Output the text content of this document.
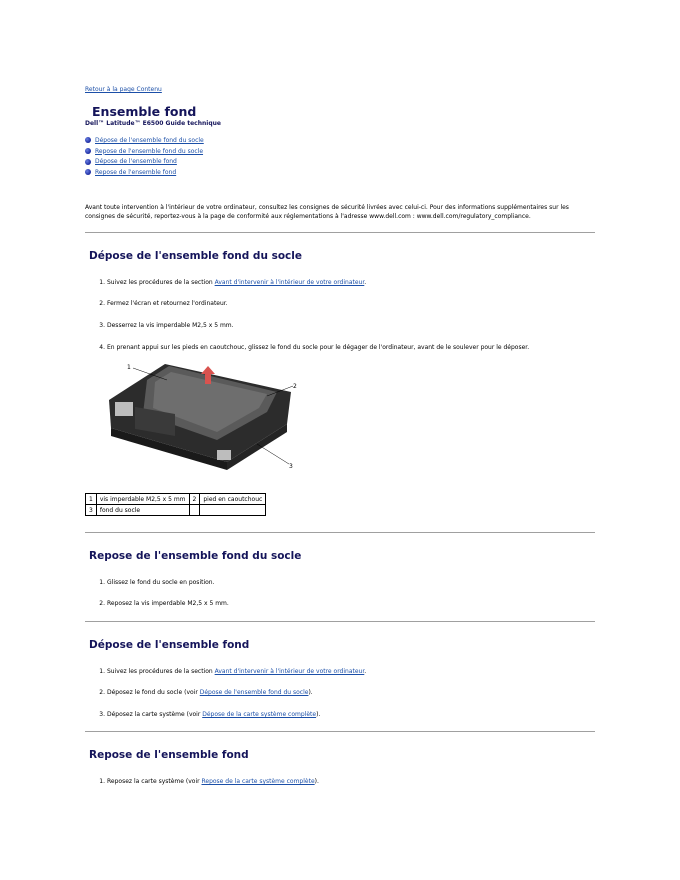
Retour à la page Contenu
Ensemble fond
Dell™ Latitude™ E6500 Guide technique
Dépose de l'ensemble fond du socle
Repose de l'ensemble fond du socle
Dépose de l'ensemble fond
Repose de l'ensemble fond

Avant toute intervention à l'intérieur de votre ordinateur, consultez les consignes de sécurité livrées avec celui-ci. Pour des informations supplémentaires sur les consignes de sécurité, reportez-vous à la page de conformité aux réglementations à l'adresse www.dell.com : www.dell.com/regulatory_compliance.

Dépose de l'ensemble fond du socle
1. Suivez les procédures de la section Avant d'intervenir à l'intérieur de votre ordinateur.
2. Fermez l'écran et retournez l'ordinateur.
3. Desserrez la vis imperdable M2,5 x 5 mm.
4. En prenant appui sur les pieds en caoutchouc, glissez le fond du socle pour le dégager de l'ordinateur, avant de le soulever pour le déposer.
1
2
3
1	vis imperdable M2,5 x 5 mm	2	pied en caoutchouc
3	fond du socle		
Repose de l'ensemble fond du socle
1. Glissez le fond du socle en position.
2. Reposez la vis imperdable M2,5 x 5 mm.
Dépose de l'ensemble fond
1. Suivez les procédures de la section Avant d'intervenir à l'intérieur de votre ordinateur.
2. Déposez le fond du socle (voir Dépose de l'ensemble fond du socle).
3. Déposez la carte système (voir Dépose de la carte système complète).
Repose de l'ensemble fond
1. Reposez la carte système (voir Repose de la carte système complète).
